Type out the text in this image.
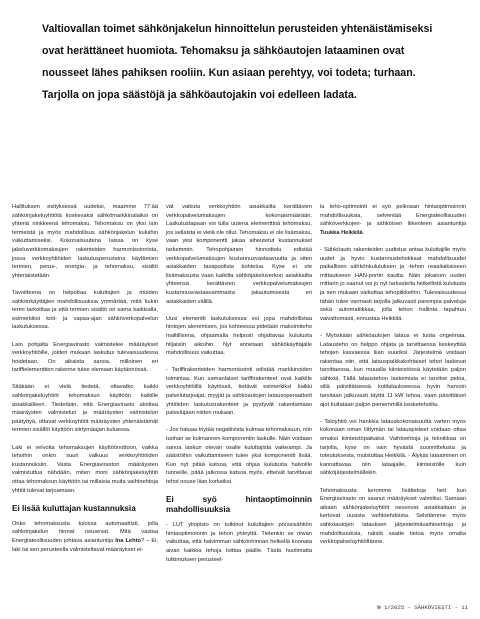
Valtiovallan toimet sähkönjakelun hinnoittelun perusteiden yhtenäistämiseksi ovat herättäneet huomiota. Tehomaksu ja sähköautojen lataaminen ovat nousseet lähes pahiksen rooliin. Kun asiaan perehtyy, voi todeta; turhaan. Tarjolla on jopa säästöjä ja sähköautojakin voi edelleen ladata.

Hallituksen esityksessä uudeksi, maamme 77:ää sähkönjakeluyhtiötä koskevaksi sähkömarkkinalaiksi on yhtenä ninkkeenä tehomaksu. Tehomaksu on yksi lain termeistä ja myös mahdollisus sähkönjakelun kuluihin vaikuttamiseksi. Kokonaisuutena laissa on kyse jakeluverkkomaksujen rakenteiden harmonisoinnista, jossa verkkoyhtiöiden laskutusperusteina käytämien termien, perus-, energia- ja tehomaksu, sisältö yhtenäistetään.

Tavoitteena on helpottaa kuluttajien ja muiden sähkönkäyttäjien mahdollisuuksia ymmärtää, mitä kukin termi tarkoittaa ja että termien sisältö on sama kaikkialla, esimerkiksi koti- ja vapaa-ajan sähköverkopalvelun laskutuksessa.

Lain pohjalta Energiavirasto valmistelee määräykset verkkoyhtiöille, joiden mukaan laskutus tulevaisuudessa hoidetaan. On aikaista sanoa, milloinen eri tariffielementtien rakenne tulee olemaan käytännössä.

Sitäkään ei vielä tiedetä, ottavatko kaikki sähkönjakeluyhtiöt tehomaksun käyttöön kaikille asiakkailleen. Tiedetään, että Energiavirasto aloittaa määräysten valmistelun ja määräysten valmistelun päätyttyä, ottavat verkkoyhtiöt määräysten yhtenäistämät termien sisällöt käyttöön siirtymäajan kuluessa.

Laki ei velvoita tehomaksujen käyttöönottoon, vaikka tehoihin onkin suuri valkuus verkkoyhtiöiden kustannuksiin. Vasta Energiaviraston määräysten valmistuttua nähdään, miten moni sähkönjakeluyhtiö ottaa tehomaksun käyttöön tai millaisia muita vaihtoehtoja yhtiöt tulevat tarjoamaan.

Ei lisää kuluttajan kustannuksia

Onko tehomaksusta tulossa automaattisti, jolla sähkönjakelun hinnat nousevat. Mitä vastaa Energiateollisuuden johtava asiantuntija Ina Lehto? – Ei, laki tai sen perusteella valmisteltavat määräykset ei-

vät vaikuta verkkoyhtiön asiakkailta kerättävien verkkopalvelumaksujen kokonaismäärään. Laskutustapaan voi tulla uutena elementtinä tehomaksu, jos sellaista ei vielä ole ollut. Tehomaksu ei ole lisämaksu, vaan yksi komponentti jakaa aiheutetut kustannukset tarkemmin. Tehopohjainen hinnoittelu edistää verkkopalvelumaksujen kustannusvastaavuutta ja siten asiakkaiden tasapuolista kohtelua. Kyse ei ole lisämaksusta vaan kaikilta sähköjakeluverkon asiakkailta yhteensä kerättävien verkkopalvelumaksujen kustannusvastaavammasta jakautumisesta eri asiakkaiden välillä.

Uusi elementti laskutuksessa voi jopa mahdollistaa hintojen alenemisen, jos kohteessa pidetään maksimiteho maltillisena, ohjaamalla helposti ohjattavaa kulutusta hiljaisiin aikoihin. Nyt annetaan sähkökäyttäjälle mahdollisuus vaikuttaa.

- Tariffirakenteiden harmonisointi edistää markkinoiden toimintaa. Kun samanlaiset tariffirakenteet ovat kaikille verkkoyhtiöillä käytössä, tietävät esimerkiksi kaikki palvelutarjoajat, myyjät ja sähköautojen latausoperaattorit yhtiöiden laskutusrakenteet ja pystyvät rakentamaan palvelujaan niiden mukaan.

- Jos haluaa löytää negatiivista kulmaa tehomaksuun, niin tuohan se kolmannen komponentin laskulle. Näin voidaan sanoa laskun olevan osalle kuluttajista vaikeampi. Ja säästöihin vaikuttamiseen tulee yksi komponentti lisää. Kun nyt pitää katsoa, että ohjaa kulutusta halvoille tunneille, pitää jatkossa katsoa myös, etteivät tarvittavat tehot nouse liian korkeiksi.

Ei syö hintaoptimoinnin mahdollisuuksia

- LUT yliopisto on tutkinut kuluttajien pörssisähkön hintaoptimoinnin ja tehon yhteyttä. Tietenkin se riiwan vaikuttaa, että halvimman sähkönhinnan hetkellä koonata aivan kaikkia tehoja loittaa päälle. Tästä huolimatta tutkimuksen perusteel-

la teho-optimointi ei syö pelkoaan hintaoptimoinnin mahdollisuuksia, selventää Energiateollisuuden sähköverkkojen- ja sähköisen liikenteen asiantuntija Tuukka Heikkilä.

- Sähköauto rakenteiden uudistus antaa kuluttajille myös uudet ja hyvin kustannustehokkaat mahdollisuudet paikallisen sähkönkulutuksen ja -tehon reaaliaikaiseen mittaukseen HAN-portin kautta. Näin jokainen uuden mittarin jo saanut voi jo nyt tarkastella heikellistä kulutusta ja sen mukaan vaikuttaa tehopiikkeihin. Tulevaisuudessa tähän tulee varmasti tarjolla jatkuvasti parempia palveluja sekä automatiikkaa, jolla tehon hallinta tapahtuu vaivattomasti, ennustaa Heikkilä.

- Myöskään sähköautojen lataus ei tuota ongelmaa. Latausteho on helppo ohjata ja tarvittaessa keskeyttää tehojen kasvaessa liian suuriksi. Järjestelmä voidaan rakentaa niin, että latauspaikkakohtaiset tehot laskevat tarvittaessa, kun muualla kiinteistössä käytetään paljon sähköä. Tällä lataustehon laskemista ei tarvitse peloa, sillä päivittäisessä kotilataukseessa hyvin harvoin tarvitaan jatkuvasti täyttä 11 kW tehoa, vaan päivittäiset ajot kuitataan paljon pienemmillä kesketehoilla.

- Taloyhtiö voi hankkia latauskokonaisuutta varten myös kokonaan oman liittymän tai latauspisteet voidaan ottaa omaksi kiinteistöpaikaksi. Vaihtoehtoja ja teknikkaa on tarjolla, kyse on vain hyvästä suunnittelusta ja toteutuksesta, muistuttaa Heikkilä. - Älykäs lataaminen on kannattavaa niin lataajalle, kiinteistölle kuin sähköjärjestelmällekin.

Tehomaksusta keromme lisätietoja heti kun Energiavirasto on saanut määräykset valmiiksi. Samaan aikaan sähkönjakeluyhtiöt neuvovat asiakkaitaan ja kertovat uusista vaihtoehdoista. Selvitämme myös sähköautojen latauksen järjestelmävaihtoehtoja ja mahdollisuuksia, näistä saatte tietoa myös omalta verkkopalveluyhtiöltänne.

№ 1/2025 - SÄHKÖVIESTI - 11
